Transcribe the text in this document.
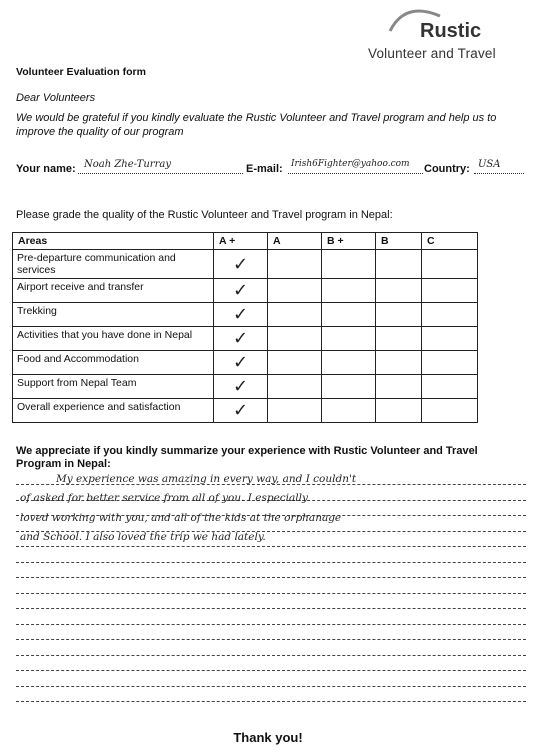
Rustic
Volunteer and Travel
Volunteer Evaluation form
Dear Volunteers
We would be grateful if you kindly evaluate the Rustic Volunteer and Travel program and help us to improve the quality of our program
Your name: Noah Zhe-Turray	E-mail: Irish6Fighter@yahoo.com Country: USA
Please grade the quality of the Rustic Volunteer and Travel program in Nepal:
Areas	A +	A	B +	B	C
Pre-departure communication and services	✓				
Airport receive and transfer	✓				
Trekking	✓				
Activities that you have done in Nepal	✓				
Food and Accommodation	✓				
Support from Nepal Team	✓				
Overall experience and satisfaction	✓				
We appreciate if you kindly summarize your experience with Rustic Volunteer and Travel Program in Nepal:
My experience was amazing in every way, and I couldn't
of asked for better service from all of you. I especially
loved working with you, and all of the kids at the orphanage
and School. I also loved the trip we had lately.
Thank you!
